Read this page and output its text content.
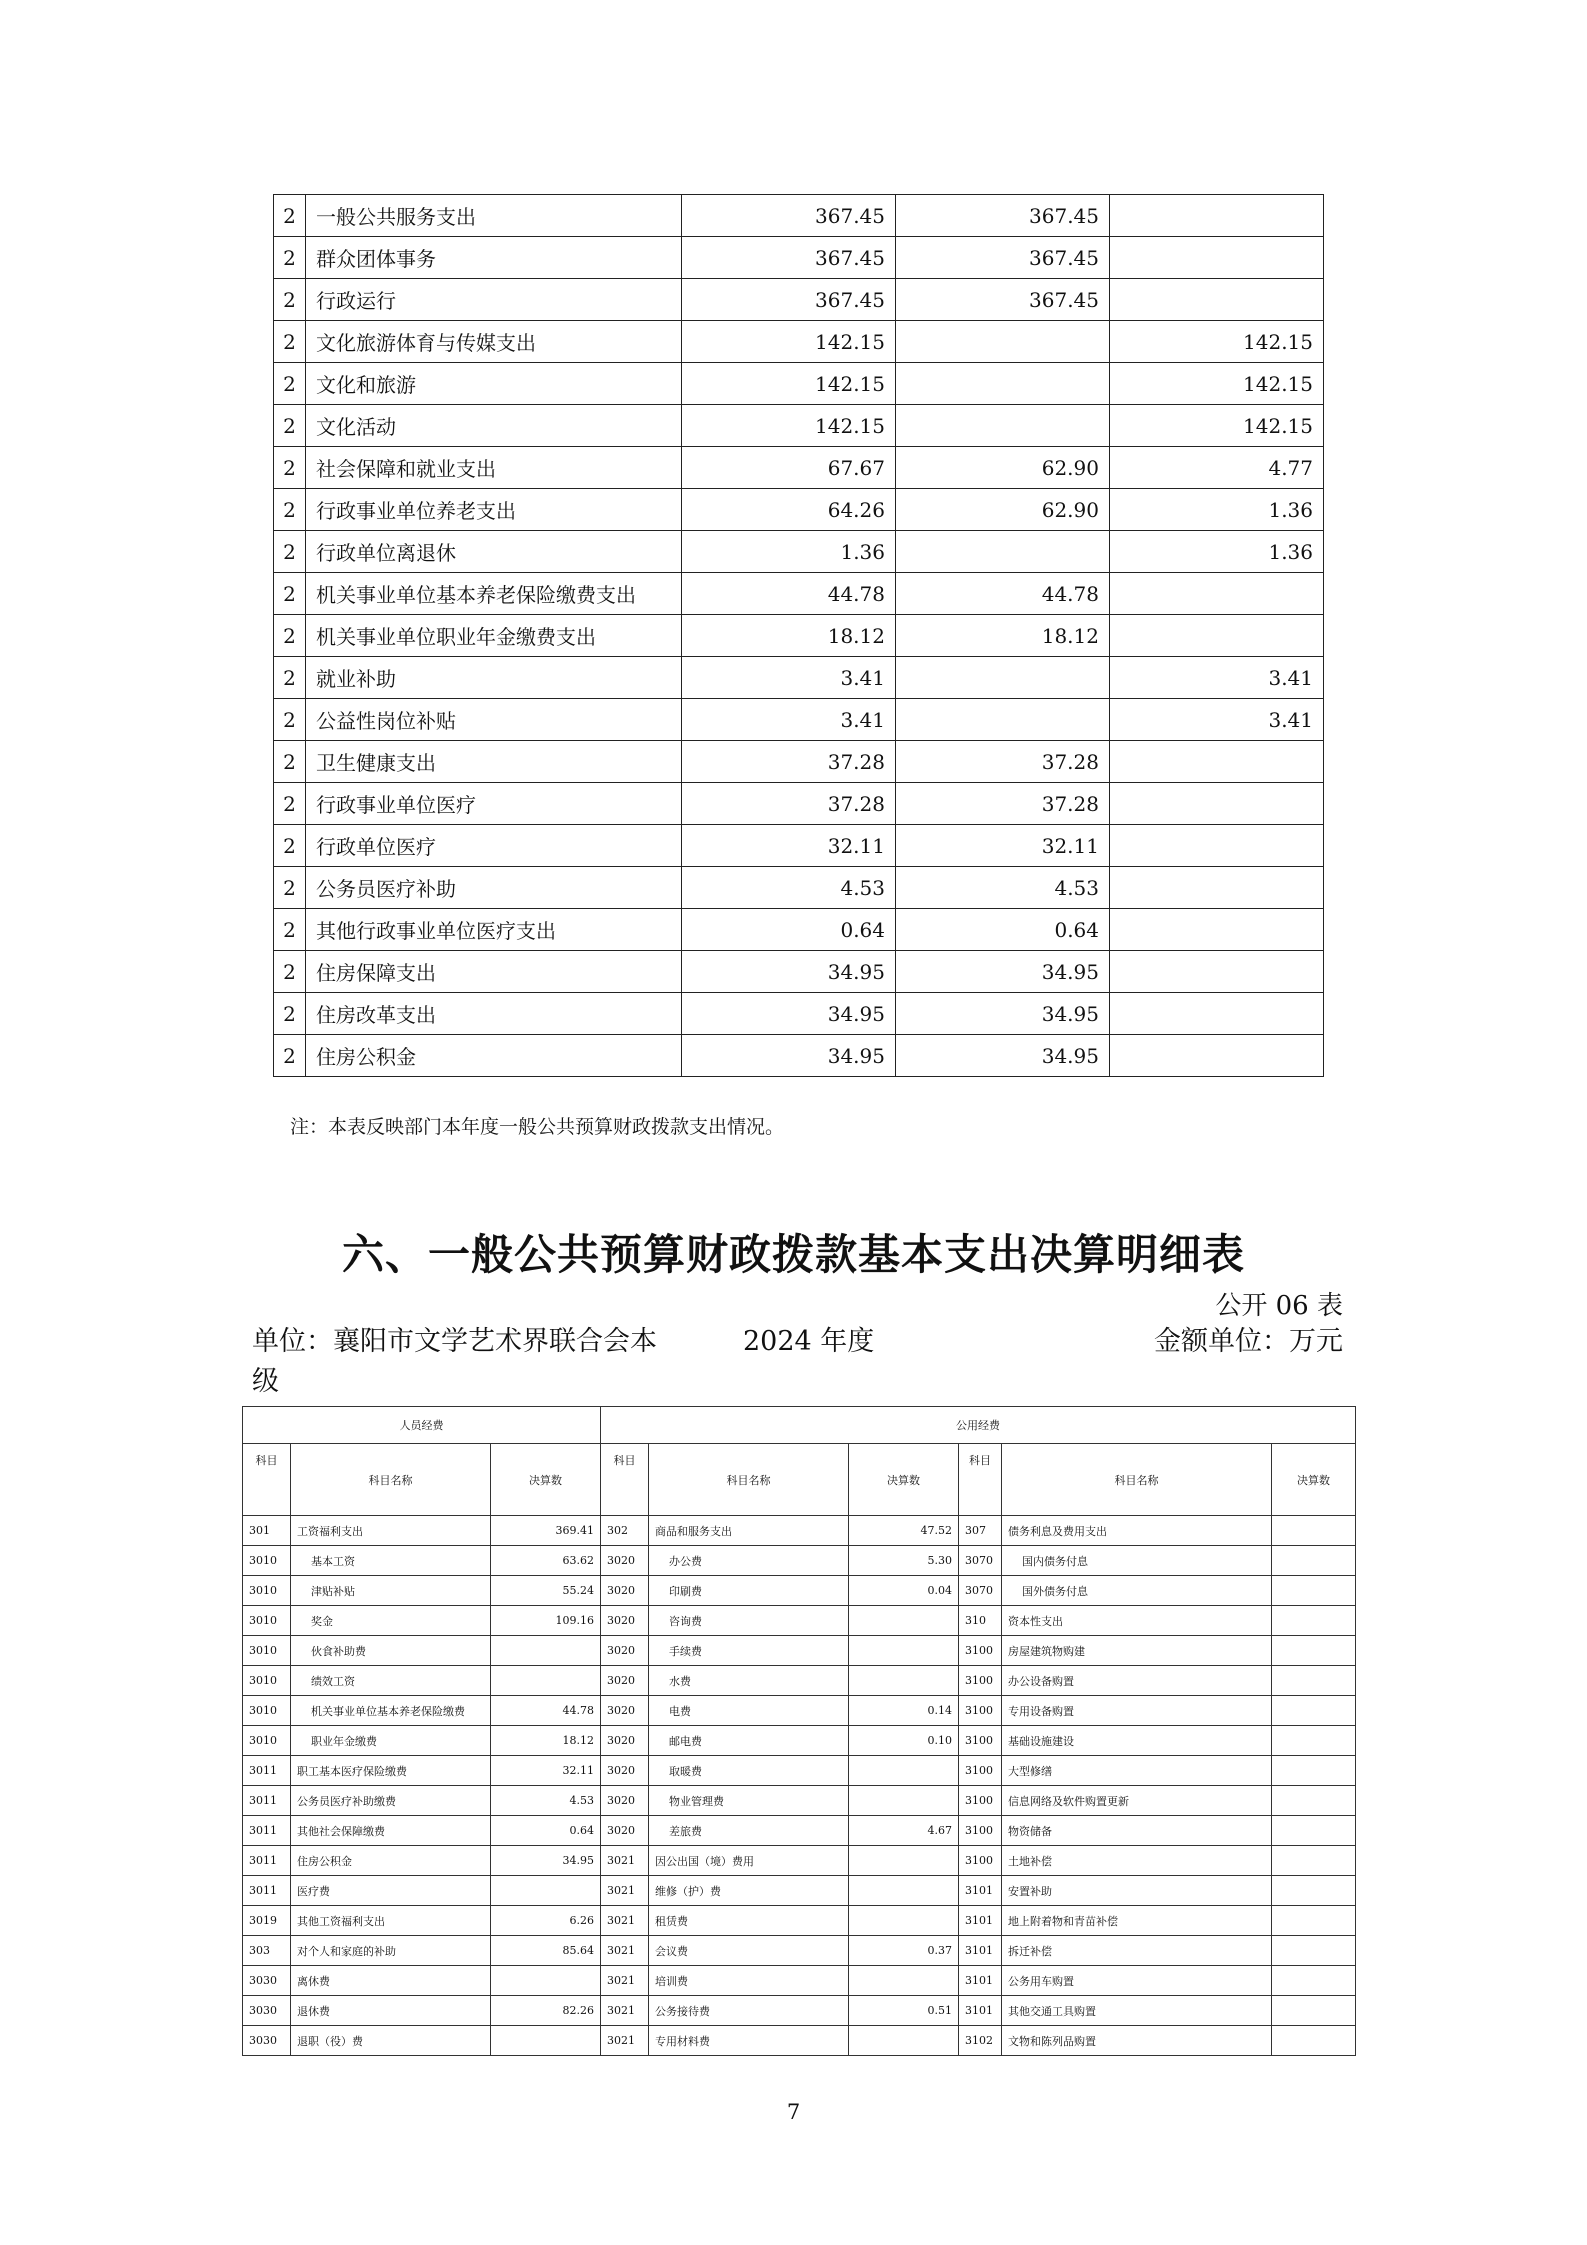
2	一般公共服务支出	367.45	367.45	
2	群众团体事务	367.45	367.45	
2	行政运行	367.45	367.45	
2	文化旅游体育与传媒支出	142.15		142.15
2	文化和旅游	142.15		142.15
2	文化活动	142.15		142.15
2	社会保障和就业支出	67.67	62.90	4.77
2	行政事业单位养老支出	64.26	62.90	1.36
2	行政单位离退休	1.36		1.36
2	机关事业单位基本养老保险缴费支出	44.78	44.78	
2	机关事业单位职业年金缴费支出	18.12	18.12	
2	就业补助	3.41		3.41
2	公益性岗位补贴	3.41		3.41
2	卫生健康支出	37.28	37.28	
2	行政事业单位医疗	37.28	37.28	
2	行政单位医疗	32.11	32.11	
2	公务员医疗补助	4.53	4.53	
2	其他行政事业单位医疗支出	0.64	0.64	
2	住房保障支出	34.95	34.95	
2	住房改革支出	34.95	34.95	
2	住房公积金	34.95	34.95	
注：本表反映部门本年度一般公共预算财政拨款支出情况。
六、一般公共预算财政拨款基本支出决算明细表
公开 06 表
单位：襄阳市文学艺术界联合会本
级
2024 年度	金额单位：万元
人员经费			公用经费					
科目	科目名称	决算数	科目	科目名称	决算数	科目	科目名称	决算数
301	工资福利支出	369.41	302	商品和服务支出	47.52	307	债务利息及费用支出	
3010	基本工资	63.62	3020	办公费	5.30	3070	国内债务付息	
3010	津贴补贴	55.24	3020	印刷费	0.04	3070	国外债务付息	
3010	奖金	109.16	3020	咨询费		310	资本性支出	
3010	伙食补助费		3020	手续费		3100	房屋建筑物购建	
3010	绩效工资		3020	水费		3100	办公设备购置	
3010	机关事业单位基本养老保险缴费	44.78	3020	电费	0.14	3100	专用设备购置	
3010	职业年金缴费	18.12	3020	邮电费	0.10	3100	基础设施建设	
3011	职工基本医疗保险缴费	32.11	3020	取暖费		3100	大型修缮	
3011	公务员医疗补助缴费	4.53	3020	物业管理费		3100	信息网络及软件购置更新	
3011	其他社会保障缴费	0.64	3020	差旅费	4.67	3100	物资储备	
3011	住房公积金	34.95	3021	因公出国（境）费用		3100	土地补偿	
3011	医疗费		3021	维修（护）费		3101	安置补助	
3019	其他工资福利支出	6.26	3021	租赁费		3101	地上附着物和青苗补偿	
303	对个人和家庭的补助	85.64	3021	会议费	0.37	3101	拆迁补偿	
3030	离休费		3021	培训费		3101	公务用车购置	
3030	退休费	82.26	3021	公务接待费	0.51	3101	其他交通工具购置	
3030	退职（役）费		3021	专用材料费		3102	文物和陈列品购置	
7
